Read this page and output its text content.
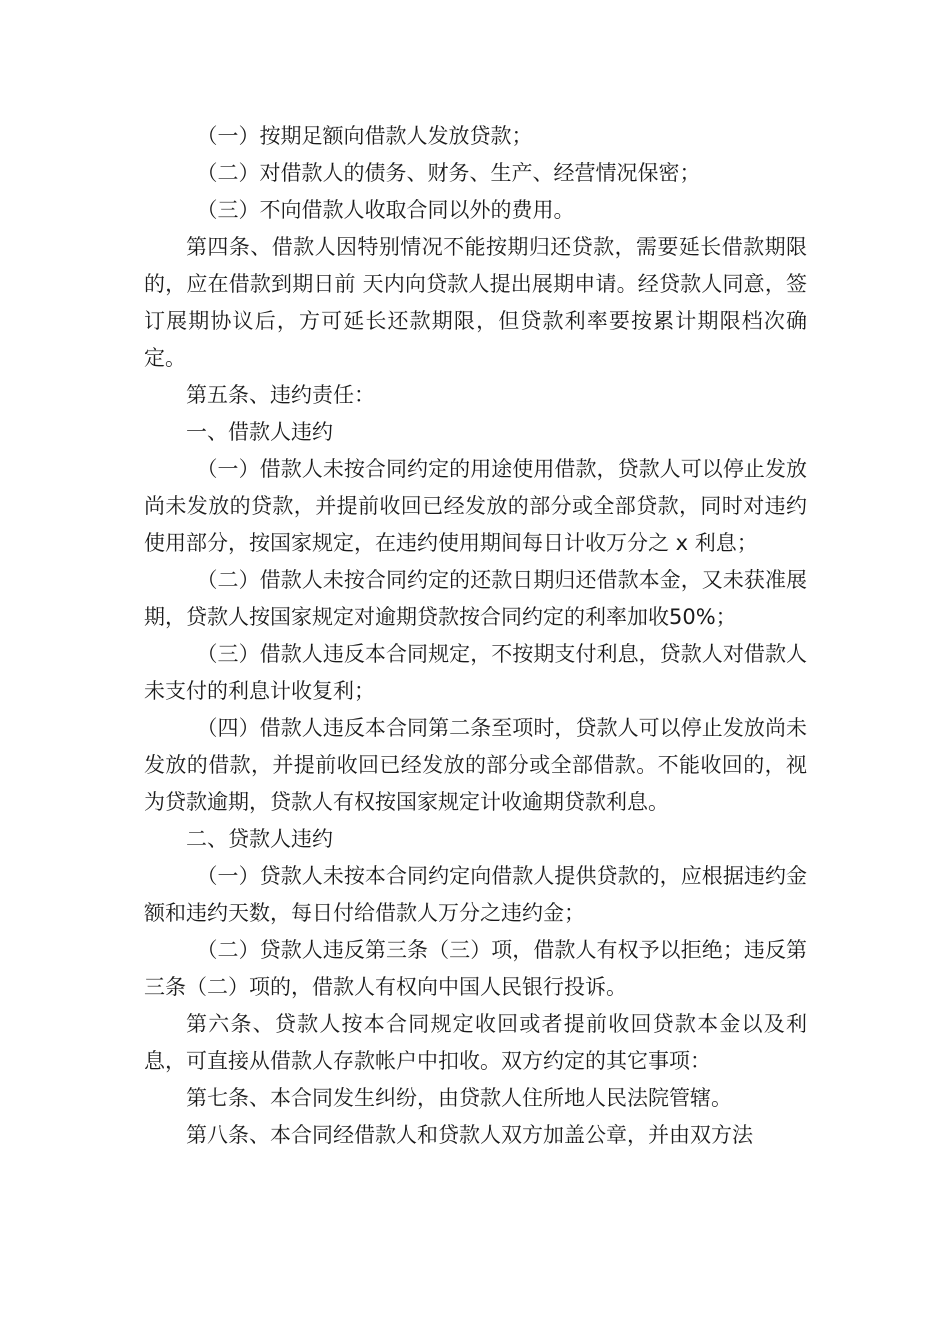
（一）按期足额向借款人发放贷款；

（二）对借款人的债务、财务、生产、经营情况保密；

（三）不向借款人收取合同以外的费用。

第四条、借款人因特别情况不能按期归还贷款，需要延长借款期限的，应在借款到期日前 天内向贷款人提出展期申请。经贷款人同意，签订展期协议后，方可延长还款期限，但贷款利率要按累计期限档次确定。

第五条、违约责任：

一、借款人违约

（一）借款人未按合同约定的用途使用借款，贷款人可以停止发放尚未发放的贷款，并提前收回已经发放的部分或全部贷款，同时对违约使用部分，按国家规定，在违约使用期间每日计收万分之 x 利息；

（二）借款人未按合同约定的还款日期归还借款本金，又未获准展期，贷款人按国家规定对逾期贷款按合同约定的利率加收50%；

（三）借款人违反本合同规定，不按期支付利息，贷款人对借款人未支付的利息计收复利；

（四）借款人违反本合同第二条至项时，贷款人可以停止发放尚未发放的借款，并提前收回已经发放的部分或全部借款。不能收回的，视为贷款逾期，贷款人有权按国家规定计收逾期贷款利息。

二、贷款人违约

（一）贷款人未按本合同约定向借款人提供贷款的，应根据违约金额和违约天数，每日付给借款人万分之违约金；

（二）贷款人违反第三条（三）项，借款人有权予以拒绝；违反第三条（二）项的，借款人有权向中国人民银行投诉。

第六条、贷款人按本合同规定收回或者提前收回贷款本金以及利息，可直接从借款人存款帐户中扣收。双方约定的其它事项：

第七条、本合同发生纠纷，由贷款人住所地人民法院管辖。

第八条、本合同经借款人和贷款人双方加盖公章，并由双方法
